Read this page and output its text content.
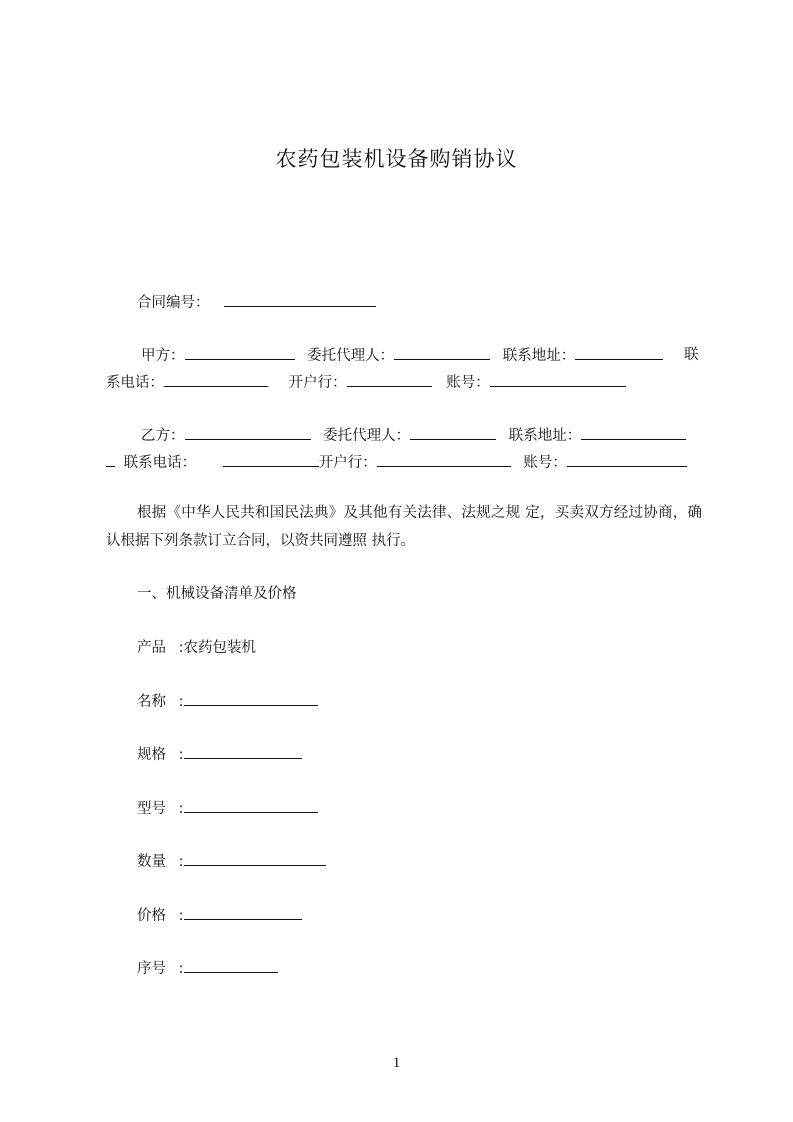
农药包装机设备购销协议
合同编号：
甲方：	委托代理人：	联系地址：	联
系电话：	开户行：	账号：
乙方：	委托代理人：	联系地址：
联系电话：	开户行：	账号：
根据《中华人民共和国民法典》及其他有关法律、法规之规 定，买卖双方经过协商，确认根据下列条款订立合同，以资共同遵照 执行。
一、机械设备清单及价格
产品 :农药包装机
名称 :
规格 :
型号 :
数量 :
价格 :
序号 :
1
